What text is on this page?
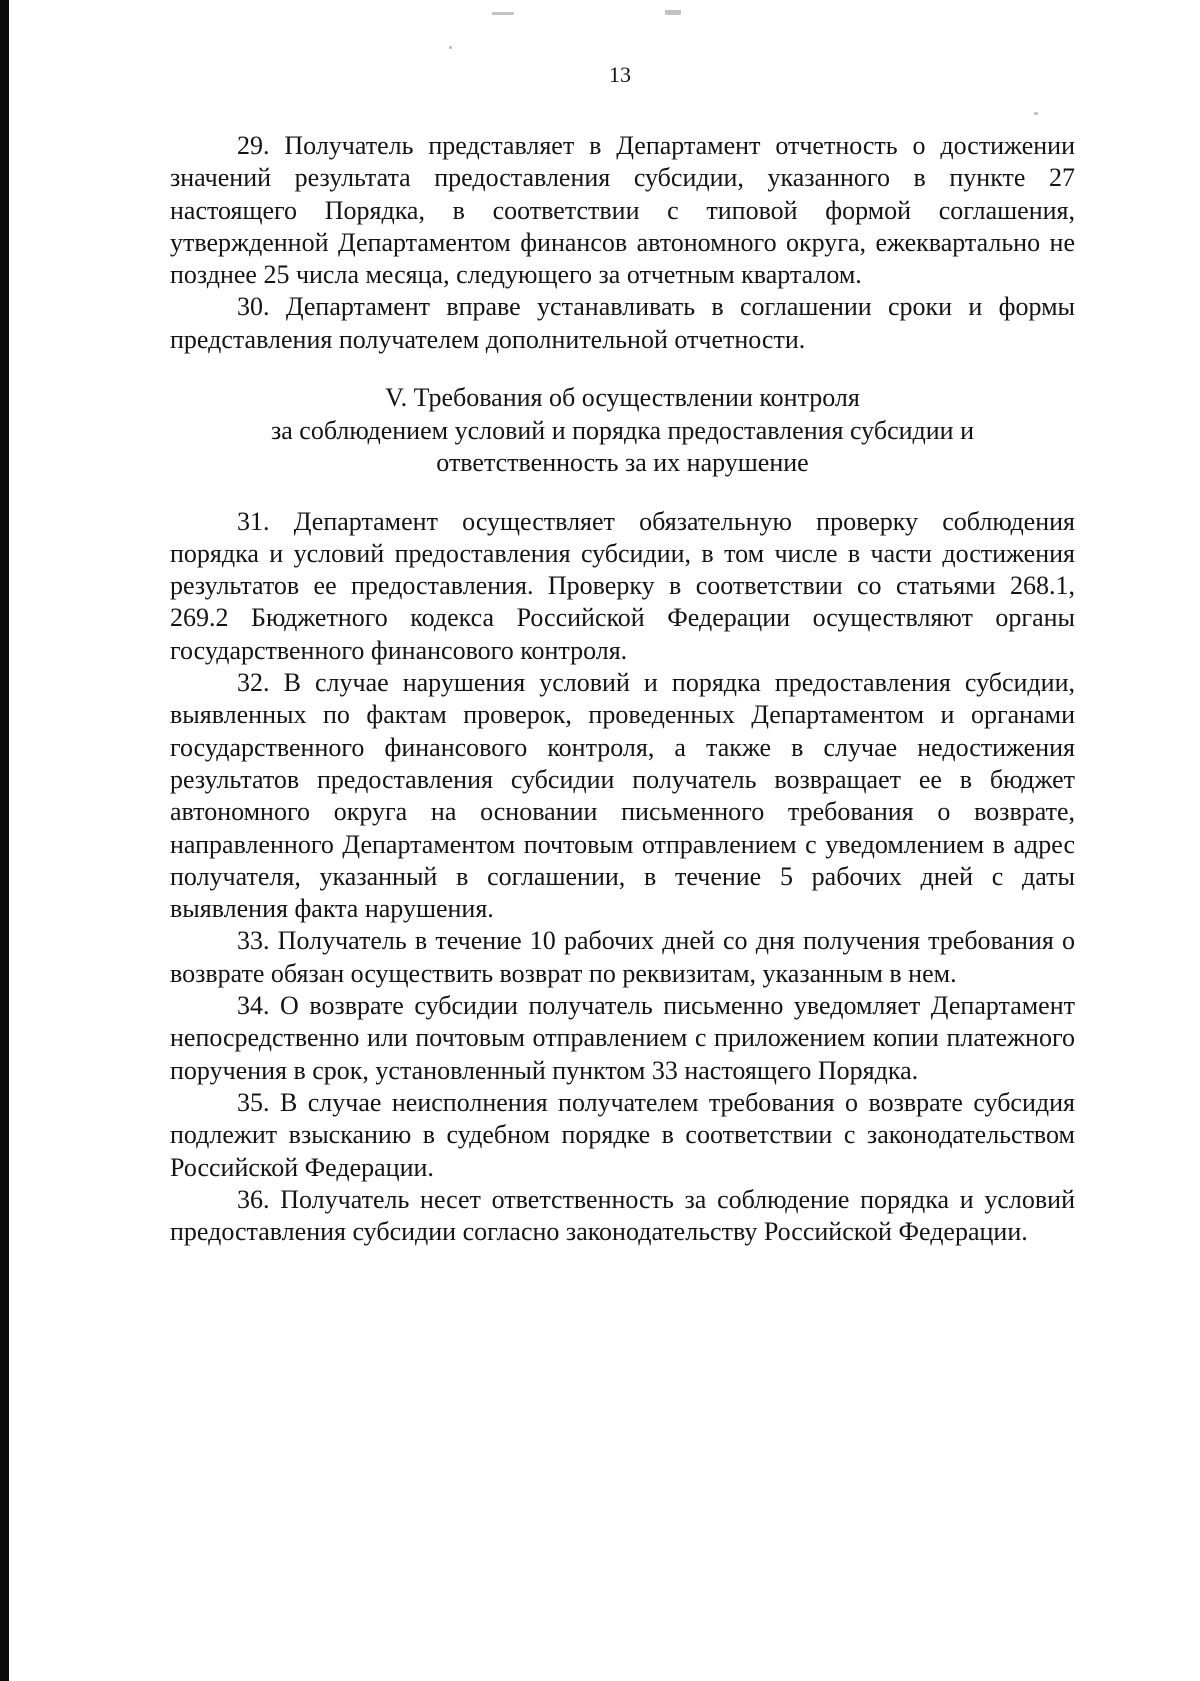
13

29. Получатель представляет в Департамент отчетность о достижении значений результата предоставления субсидии, указанного в пункте 27 настоящего Порядка, в соответствии с типовой формой соглашения, утвержденной Департаментом финансов автономного округа, ежеквартально не позднее 25 числа месяца, следующего за отчетным кварталом.

30. Департамент вправе устанавливать в соглашении сроки и формы представления получателем дополнительной отчетности.

V. Требования об осуществлении контроля
за соблюдением условий и порядка предоставления субсидии и
ответственность за их нарушение

31. Департамент осуществляет обязательную проверку соблюдения порядка и условий предоставления субсидии, в том числе в части достижения результатов ее предоставления. Проверку в соответствии со статьями 268.1, 269.2 Бюджетного кодекса Российской Федерации осуществляют органы государственного финансового контроля.

32. В случае нарушения условий и порядка предоставления субсидии, выявленных по фактам проверок, проведенных Департаментом и органами государственного финансового контроля, а также в случае недостижения результатов предоставления субсидии получатель возвращает ее в бюджет автономного округа на основании письменного требования о возврате, направленного Департаментом почтовым отправлением с уведомлением в адрес получателя, указанный в соглашении, в течение 5 рабочих дней с даты выявления факта нарушения.

33. Получатель в течение 10 рабочих дней со дня получения требования о возврате обязан осуществить возврат по реквизитам, указанным в нем.

34. О возврате субсидии получатель письменно уведомляет Департамент непосредственно или почтовым отправлением с приложением копии платежного поручения в срок, установленный пунктом 33 настоящего Порядка.

35. В случае неисполнения получателем требования о возврате субсидия подлежит взысканию в судебном порядке в соответствии с законодательством Российской Федерации.

36. Получатель несет ответственность за соблюдение порядка и условий предоставления субсидии согласно законодательству Российской Федерации.
